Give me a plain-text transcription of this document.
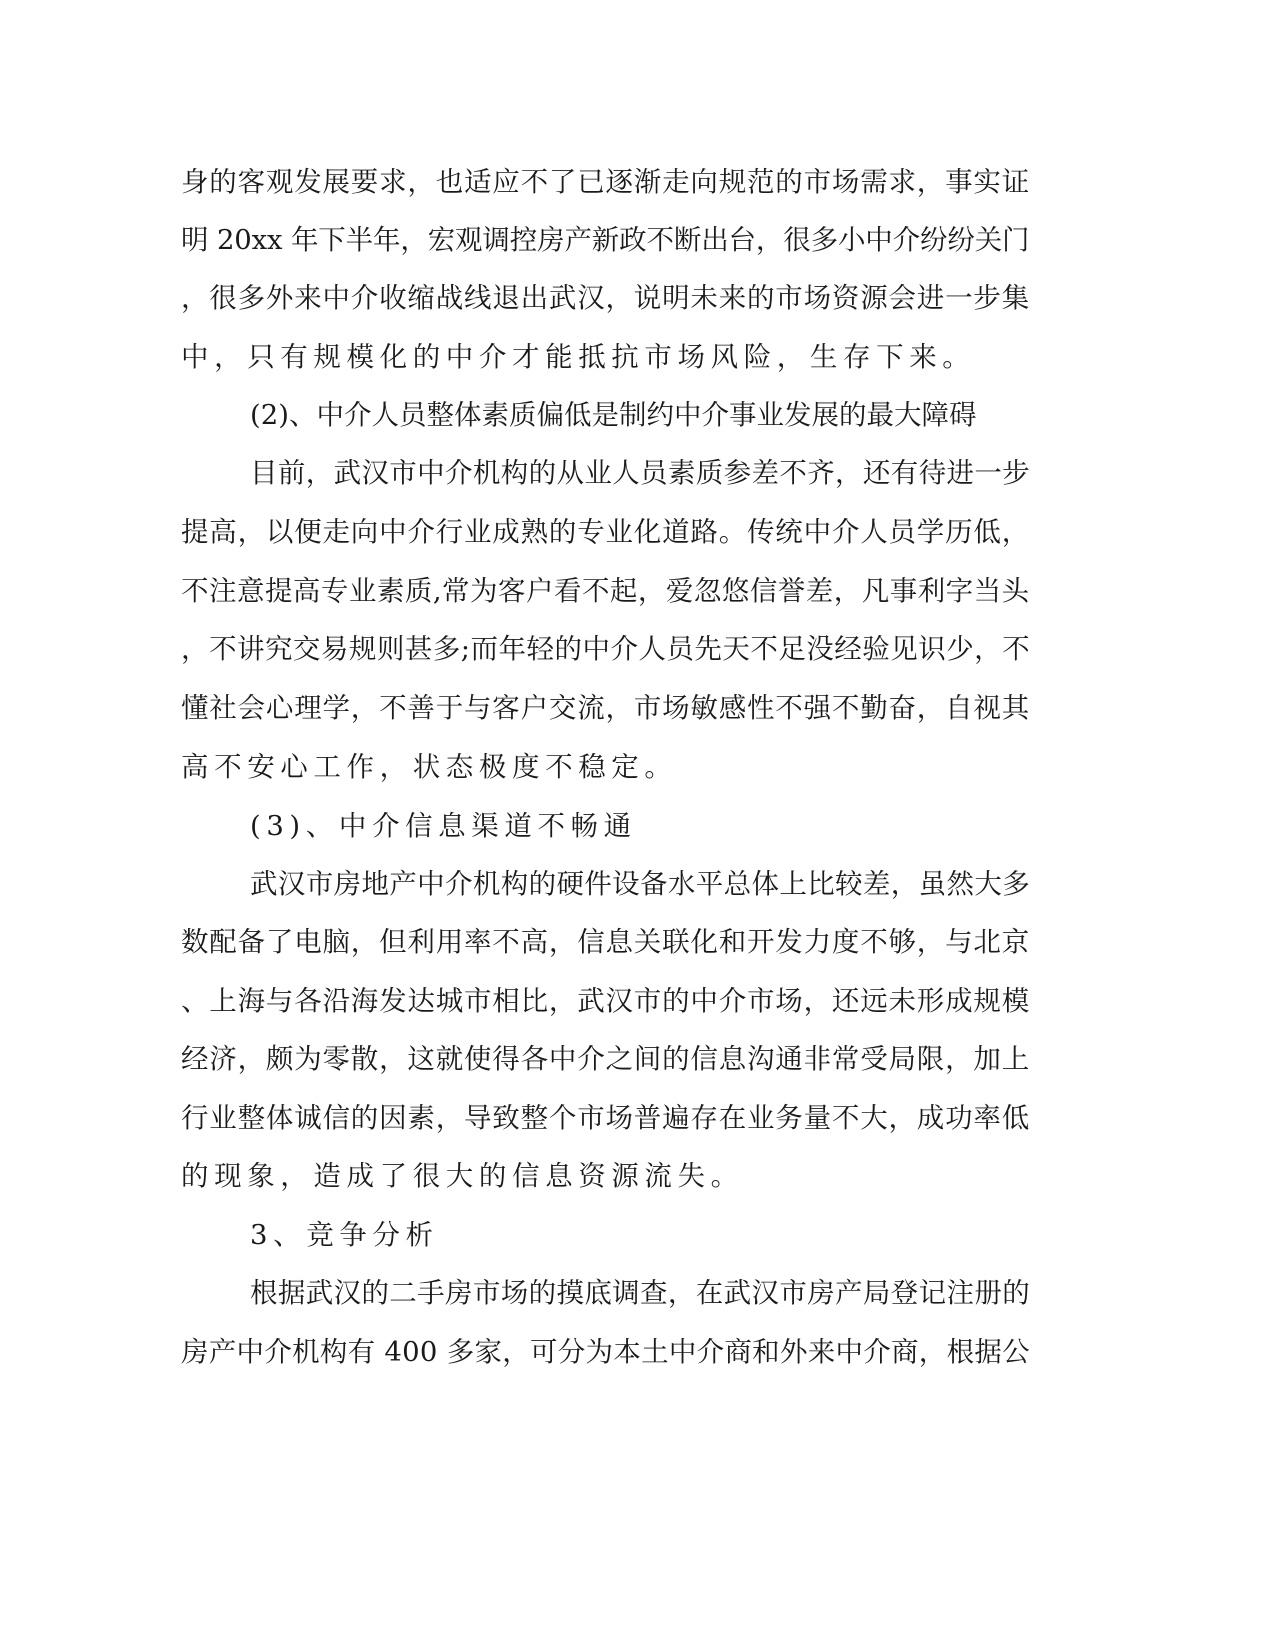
身的客观发展要求，也适应不了已逐渐走向规范的市场需求，事实证
明 20xx 年下半年，宏观调控房产新政不断出台，很多小中介纷纷关门
，很多外来中介收缩战线退出武汉，说明未来的市场资源会进一步集
中，只有规模化的中介才能抵抗市场风险，生存下来。
(2)、中介人员整体素质偏低是制约中介事业发展的最大障碍
目前，武汉市中介机构的从业人员素质参差不齐，还有待进一步
提高，以便走向中介行业成熟的专业化道路。传统中介人员学历低，
不注意提高专业素质,常为客户看不起，爱忽悠信誉差，凡事利字当头
，不讲究交易规则甚多;而年轻的中介人员先天不足没经验见识少，不
懂社会心理学，不善于与客户交流，市场敏感性不强不勤奋，自视其
高不安心工作，状态极度不稳定。
(3)、中介信息渠道不畅通
武汉市房地产中介机构的硬件设备水平总体上比较差，虽然大多
数配备了电脑，但利用率不高，信息关联化和开发力度不够，与北京
、上海与各沿海发达城市相比，武汉市的中介市场，还远未形成规模
经济，颇为零散，这就使得各中介之间的信息沟通非常受局限，加上
行业整体诚信的因素，导致整个市场普遍存在业务量不大，成功率低
的现象，造成了很大的信息资源流失。
3、竞争分析
根据武汉的二手房市场的摸底调查，在武汉市房产局登记注册的
房产中介机构有 400 多家，可分为本土中介商和外来中介商，根据公
